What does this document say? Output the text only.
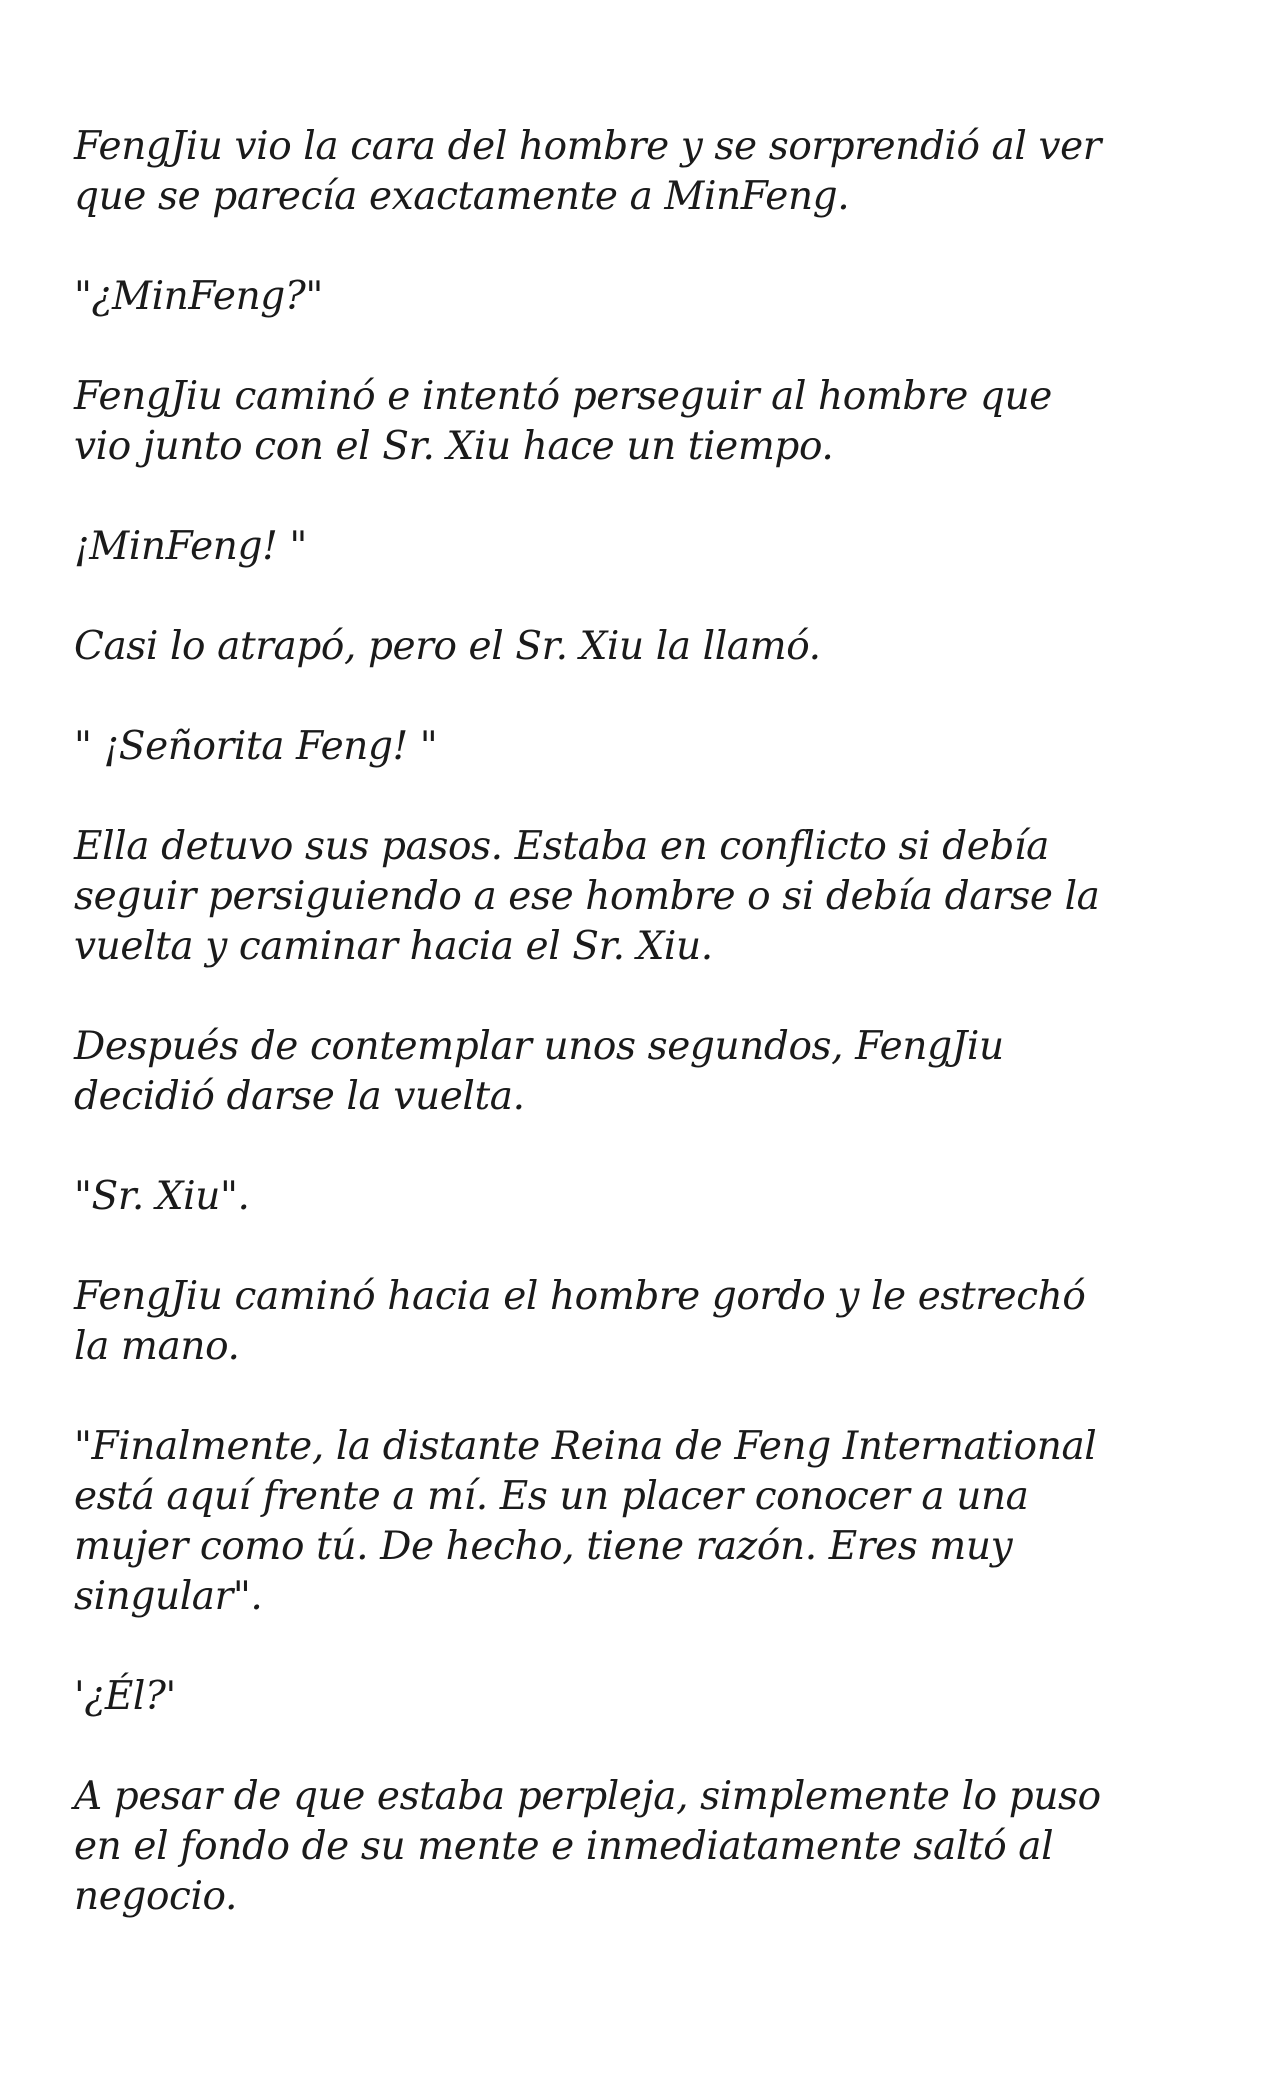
FengJiu vio la cara del hombre y se sorprendió al ver
que se parecía exactamente a MinFeng.

"¿MinFeng?"

FengJiu caminó e intentó perseguir al hombre que
vio junto con el Sr. Xiu hace un tiempo.

¡MinFeng! "

Casi lo atrapó, pero el Sr. Xiu la llamó.

" ¡Señorita Feng! "

Ella detuvo sus pasos. Estaba en conflicto si debía
seguir persiguiendo a ese hombre o si debía darse la
vuelta y caminar hacia el Sr. Xiu.

Después de contemplar unos segundos, FengJiu
decidió darse la vuelta.

"Sr. Xiu".

FengJiu caminó hacia el hombre gordo y le estrechó
la mano.

"Finalmente, la distante Reina de Feng International
está aquí frente a mí. Es un placer conocer a una
mujer como tú. De hecho, tiene razón. Eres muy
singular".

'¿Él?'

A pesar de que estaba perpleja, simplemente lo puso
en el fondo de su mente e inmediatamente saltó al
negocio.
